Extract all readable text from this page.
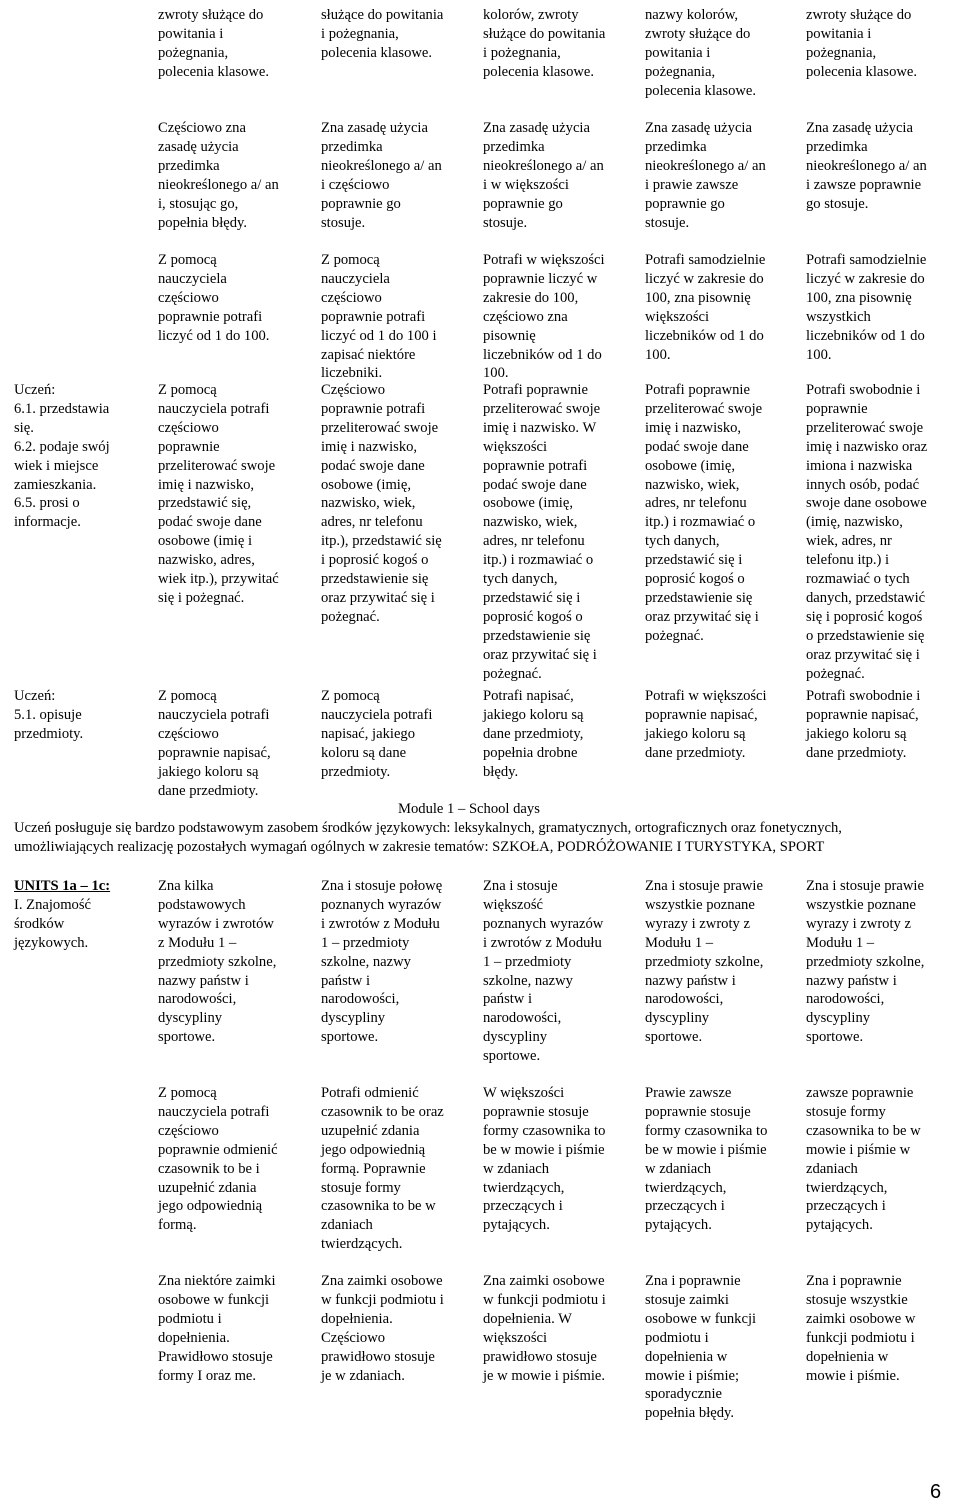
zwroty służące do
powitania i
pożegnania,
polecenia klasowe.
służące do powitania
i pożegnania,
polecenia klasowe.
kolorów, zwroty
służące do powitania
i pożegnania,
polecenia klasowe.
nazwy kolorów,
zwroty służące do
powitania i
pożegnania,
polecenia klasowe.
zwroty służące do
powitania i
pożegnania,
polecenia klasowe.
Częściowo zna
zasadę użycia
przedimka
nieokreślonego a/ an
i, stosując go,
popełnia błędy.
Zna zasadę użycia
przedimka
nieokreślonego a/ an
i częściowo
poprawnie go
stosuje.
Zna zasadę użycia
przedimka
nieokreślonego a/ an
i w większości
poprawnie go
stosuje.
Zna zasadę użycia
przedimka
nieokreślonego a/ an
i prawie zawsze
poprawnie go
stosuje.
Zna zasadę użycia
przedimka
nieokreślonego a/ an
i zawsze poprawnie
go stosuje.
Z pomocą
nauczyciela
częściowo
poprawnie potrafi
liczyć od 1 do 100.
Z pomocą
nauczyciela
częściowo
poprawnie potrafi
liczyć od 1 do 100 i
zapisać niektóre
liczebniki.
Potrafi w większości
poprawnie liczyć w
zakresie do 100,
częściowo zna
pisownię
liczebników od 1 do
100.
Potrafi samodzielnie
liczyć w zakresie do
100, zna pisownię
większości
liczebników od 1 do
100.
Potrafi samodzielnie
liczyć w zakresie do
100, zna pisownię
wszystkich
liczebników od 1 do
100.
Uczeń:
6.1. przedstawia
się.
6.2. podaje swój
wiek i miejsce
zamieszkania.
6.5. prosi o
informacje.
Z pomocą
nauczyciela potrafi
częściowo
poprawnie
przeliterować swoje
imię i nazwisko,
przedstawić się,
podać swoje dane
osobowe (imię i
nazwisko, adres,
wiek itp.), przywitać
się i pożegnać.
Częściowo
poprawnie potrafi
przeliterować swoje
imię i nazwisko,
podać swoje dane
osobowe (imię,
nazwisko, wiek,
adres, nr telefonu
itp.), przedstawić się
i poprosić kogoś o
przedstawienie się
oraz przywitać się i
pożegnać.
Potrafi poprawnie
przeliterować swoje
imię i nazwisko. W
większości
poprawnie potrafi
podać swoje dane
osobowe (imię,
nazwisko, wiek,
adres, nr telefonu
itp.) i rozmawiać o
tych danych,
przedstawić się i
poprosić kogoś o
przedstawienie się
oraz przywitać się i
pożegnać.
Potrafi poprawnie
przeliterować swoje
imię i nazwisko,
podać swoje dane
osobowe (imię,
nazwisko, wiek,
adres, nr telefonu
itp.) i rozmawiać o
tych danych,
przedstawić się i
poprosić kogoś o
przedstawienie się
oraz przywitać się i
pożegnać.
Potrafi swobodnie i
poprawnie
przeliterować swoje
imię i nazwisko oraz
imiona i nazwiska
innych osób, podać
swoje dane osobowe
(imię, nazwisko,
wiek, adres, nr
telefonu itp.) i
rozmawiać o tych
danych, przedstawić
się i poprosić kogoś
o przedstawienie się
oraz przywitać się i
pożegnać.
Uczeń:
5.1. opisuje
przedmioty.
Z pomocą
nauczyciela potrafi
częściowo
poprawnie napisać,
jakiego koloru są
dane przedmioty.
Z pomocą
nauczyciela potrafi
napisać, jakiego
koloru są dane
przedmioty.
Potrafi napisać,
jakiego koloru są
dane przedmioty,
popełnia drobne
błędy.
Potrafi w większości
poprawnie napisać,
jakiego koloru są
dane przedmioty.
Potrafi swobodnie i
poprawnie napisać,
jakiego koloru są
dane przedmioty.
Module 1 – School days
Uczeń posługuje się bardzo podstawowym zasobem środków językowych: leksykalnych, gramatycznych, ortograficznych oraz fonetycznych, umożliwiających realizację pozostałych wymagań ogólnych w zakresie tematów: SZKOŁA, PODRÓŻOWANIE I TURYSTYKA, SPORT
UNITS 1a – 1c:
I. Znajomość
środków
językowych.
Zna kilka
podstawowych
wyrazów i zwrotów
z Modułu 1 –
przedmioty szkolne,
nazwy państw i
narodowości,
dyscypliny
sportowe.
Zna i stosuje połowę
poznanych wyrazów
i zwrotów z Modułu
1 – przedmioty
szkolne, nazwy
państw i
narodowości,
dyscypliny
sportowe.
Zna i stosuje
większość
poznanych wyrazów
i zwrotów z Modułu
1 – przedmioty
szkolne, nazwy
państw i
narodowości,
dyscypliny
sportowe.
Zna i stosuje prawie
wszystkie poznane
wyrazy i zwroty z
Modułu 1 –
przedmioty szkolne,
nazwy państw i
narodowości,
dyscypliny
sportowe.
Zna i stosuje prawie
wszystkie poznane
wyrazy i zwroty z
Modułu 1 –
przedmioty szkolne,
nazwy państw i
narodowości,
dyscypliny
sportowe.
Z pomocą
nauczyciela potrafi
częściowo
poprawnie odmienić
czasownik to be i
uzupełnić zdania
jego odpowiednią
formą.
Potrafi odmienić
czasownik to be oraz
uzupełnić zdania
jego odpowiednią
formą. Poprawnie
stosuje formy
czasownika to be w
zdaniach
twierdzących.
W większości
poprawnie stosuje
formy czasownika to
be w mowie i piśmie
w zdaniach
twierdzących,
przeczących i
pytających.
Prawie zawsze
poprawnie stosuje
formy czasownika to
be w mowie i piśmie
w zdaniach
twierdzących,
przeczących i
pytających.
zawsze poprawnie
stosuje formy
czasownika to be w
mowie i piśmie w
zdaniach
twierdzących,
przeczących i
pytających.
Zna niektóre zaimki
osobowe w funkcji
podmiotu i
dopełnienia.
Prawidłowo stosuje
formy I oraz me.
Zna zaimki osobowe
w funkcji podmiotu i
dopełnienia.
Częściowo
prawidłowo stosuje
je w zdaniach.
Zna zaimki osobowe
w funkcji podmiotu i
dopełnienia. W
większości
prawidłowo stosuje
je w mowie i piśmie.
Zna i poprawnie
stosuje zaimki
osobowe w funkcji
podmiotu i
dopełnienia w
mowie i piśmie;
sporadycznie
popełnia błędy.
Zna i poprawnie
stosuje wszystkie
zaimki osobowe w
funkcji podmiotu i
dopełnienia w
mowie i piśmie.
6
